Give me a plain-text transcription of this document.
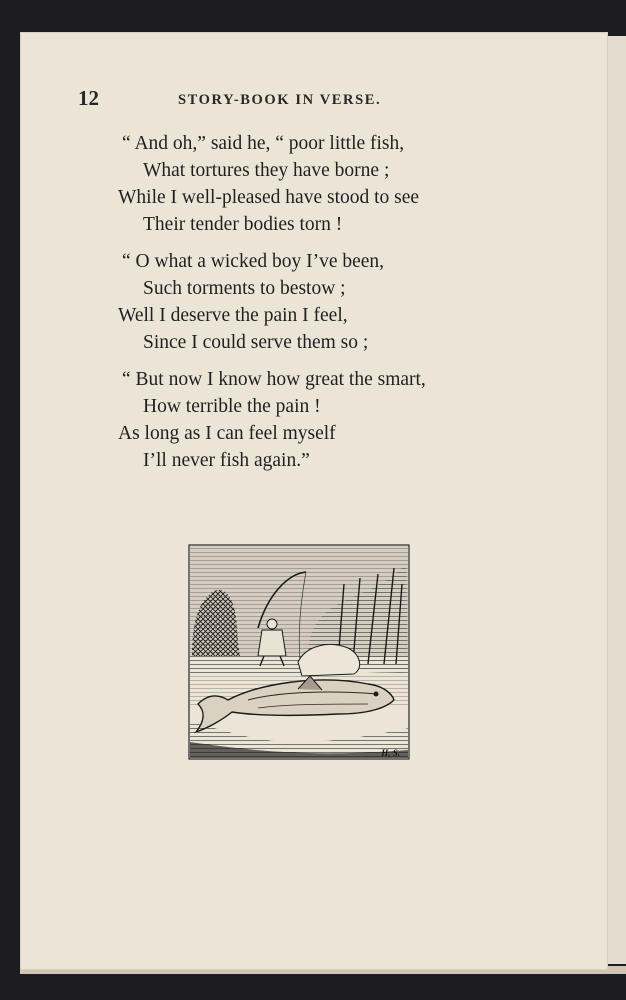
12	STORY-BOOK IN VERSE.
“ And oh,” said he, “ poor little fish,
What tortures they have borne ;
While I well-pleased have stood to see
Their tender bodies torn !
“ O what a wicked boy I’ve been,
Such torments to bestow ;
Well I deserve the pain I feel,
Since I could serve them so ;
“ But now I know how great the smart,
How terrible the pain !
As long as I can feel myself
I’ll never fish again.”
H. S.
